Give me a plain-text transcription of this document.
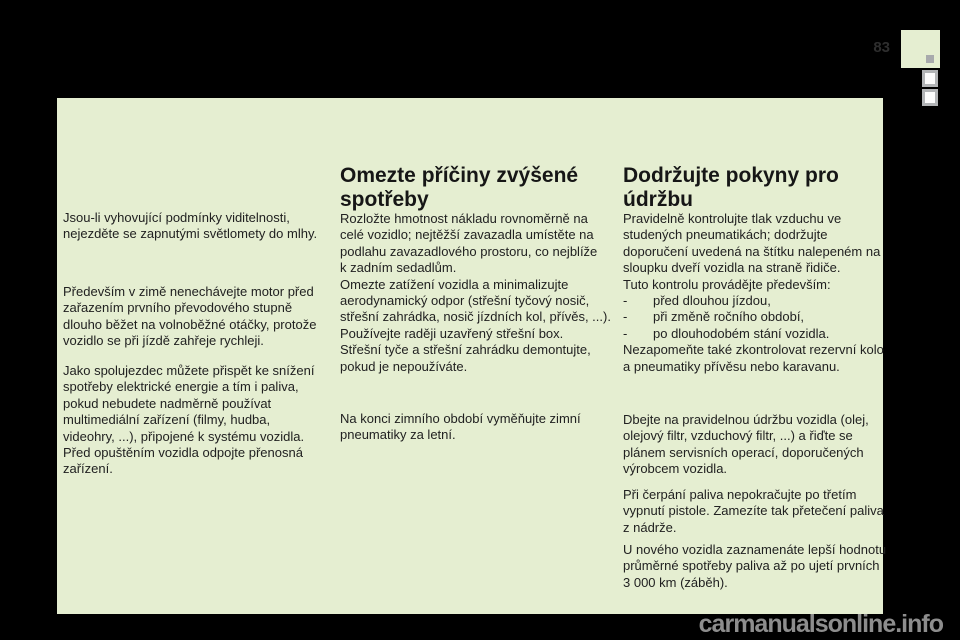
83
Jsou-li vyhovující podmínky viditelnosti,
nejezděte se zapnutými světlomety do mlhy.
Především v zimě nenechávejte motor před
zařazením prvního převodového stupně
dlouho běžet na volnoběžné otáčky, protože
vozidlo se při jízdě zahřeje rychleji.
Jako spolujezdec můžete přispět ke snížení
spotřeby elektrické energie a tím i paliva,
pokud nebudete nadměrně používat
multimediální zařízení (filmy, hudba,
videohry, ...), připojené k systému vozidla.
Před opuštěním vozidla odpojte přenosná
zařízení.
Omezte příčiny zvýšené
spotřeby
Rozložte hmotnost nákladu rovnoměrně na
celé vozidlo; nejtěžší zavazadla umístěte na
podlahu zavazadlového prostoru, co nejblíže
k zadním sedadlům.
Omezte zatížení vozidla a minimalizujte
aerodynamický odpor (střešní tyčový nosič,
střešní zahrádka, nosič jízdních kol, přívěs, ...).
Používejte raději uzavřený střešní box.
Střešní tyče a střešní zahrádku demontujte,
pokud je nepoužíváte.
Na konci zimního období vyměňujte zimní
pneumatiky za letní.
Dodržujte pokyny pro
údržbu
Pravidelně kontrolujte tlak vzduchu ve
studených pneumatikách; dodržujte
doporučení uvedená na štítku nalepeném na
sloupku dveří vozidla na straně řidiče.
Tuto kontrolu provádějte především:
-	před dlouhou jízdou,
-	při změně ročního období,
-	po dlouhodobém stání vozidla.
Nezapomeňte také zkontrolovat rezervní kolo
a pneumatiky přívěsu nebo karavanu.
Dbejte na pravidelnou údržbu vozidla (olej,
olejový filtr, vzduchový filtr, ...) a řiďte se
plánem servisních operací, doporučených
výrobcem vozidla.
Při čerpání paliva nepokračujte po třetím
vypnutí pistole. Zamezíte tak přetečení paliva
z nádrže.
U nového vozidla zaznamenáte lepší hodnotu
průměrné spotřeby paliva až po ujetí prvních
3 000 km (záběh).
carmanualsonline.info
